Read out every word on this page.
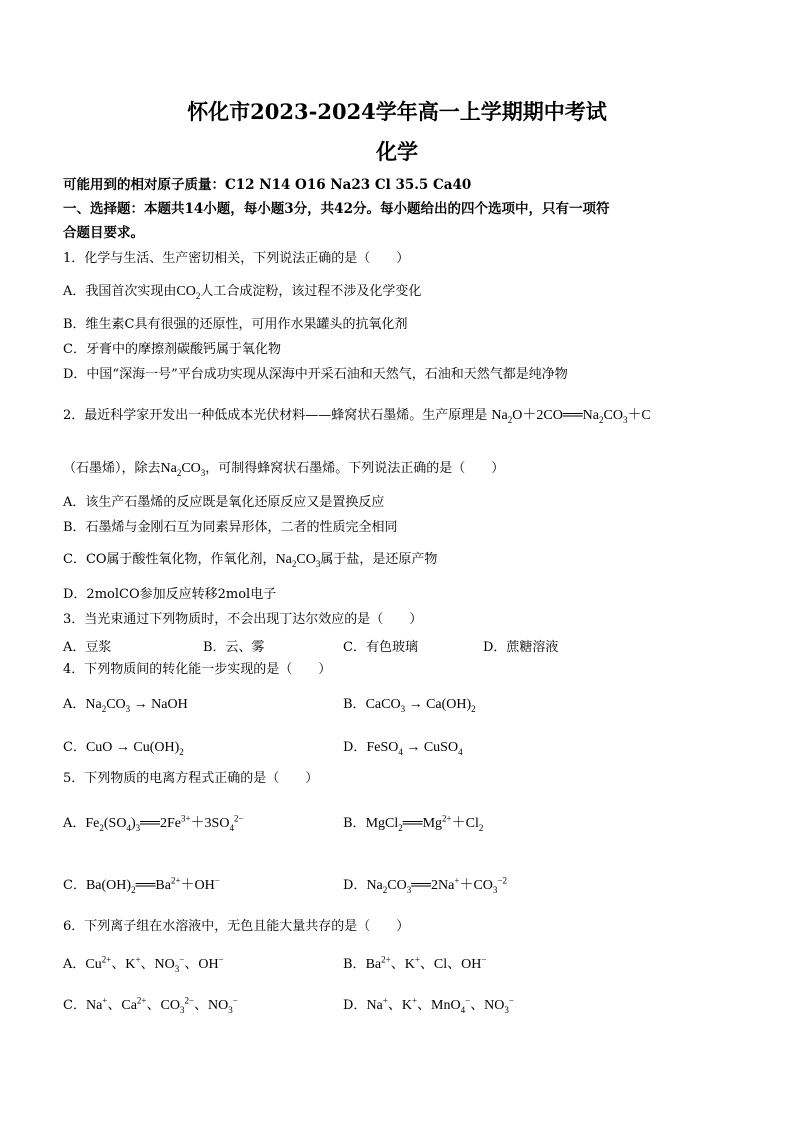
怀化市2023-2024学年高一上学期期中考试
化学
可能用到的相对原子质量：C12 N14 O16 Na23 Cl 35.5 Ca40
一、选择题：本题共14小题，每小题3分，共42分。每小题给出的四个选项中，只有一项符
合题目要求。
1．化学与生活、生产密切相关，下列说法正确的是（　　）
A．我国首次实现由$CO_2$人工合成淀粉，该过程不涉及化学变化
B．维生素C具有很强的还原性，可用作水果罐头的抗氧化剂
C．牙膏中的摩擦剂碳酸钙属于氧化物
D．中国“深海一号”平台成功实现从深海中开采石油和天然气，石油和天然气都是纯净物
2．最近科学家开发出一种低成本光伏材料——蜂窝状石墨烯。生产原理是 $Na_2O+2CO══Na_2CO_3+C$
（石墨烯），除去$Na_2CO_3$，可制得蜂窝状石墨烯。下列说法正确的是（　　）
A．该生产石墨烯的反应既是氧化还原反应又是置换反应
B．石墨烯与金刚石互为同素异形体，二者的性质完全相同
C．CO属于酸性氧化物，作氧化剂，$Na_2CO_3$属于盐，是还原产物
D．2molCO参加反应转移2mol电子
3．当光束通过下列物质时，不会出现丁达尔效应的是（　　）
A．豆浆	B．云、雾	C．有色玻璃	D．蔗糖溶液
4．下列物质间的转化能一步实现的是（　　）
A．$Na_2CO_3$ → NaOH	B．CaCO$_3$ → $Ca(OH)_2$
C．CuO → $Cu(OH)_2$	D．FeSO$_4$ → CuSO$_4$
5．下列物质的电离方程式正确的是（　　）
A．$Fe_2(SO_4)_3══2Fe^{3+}+3SO_4^{2-}$	B．$MgCl_2══Mg^{2+}+Cl_2$
C．$Ba(OH)_2══Ba^{2+}+OH^-$	D．$Na_2CO_3══2Na^++CO_3^{-2}$
6．下列离子组在水溶液中，无色且能大量共存的是（　　）
A．$Cu^{2+}$、K+、$NO_3^-$、OH−	B．$Ba^{2+}$、K+、Cl、OH−
C．Na+、$Ca^{2+}$、$CO_3^{2-}$、$NO_3^-$	D．Na+、K+、MnO$_4$−、$NO_3^-$
